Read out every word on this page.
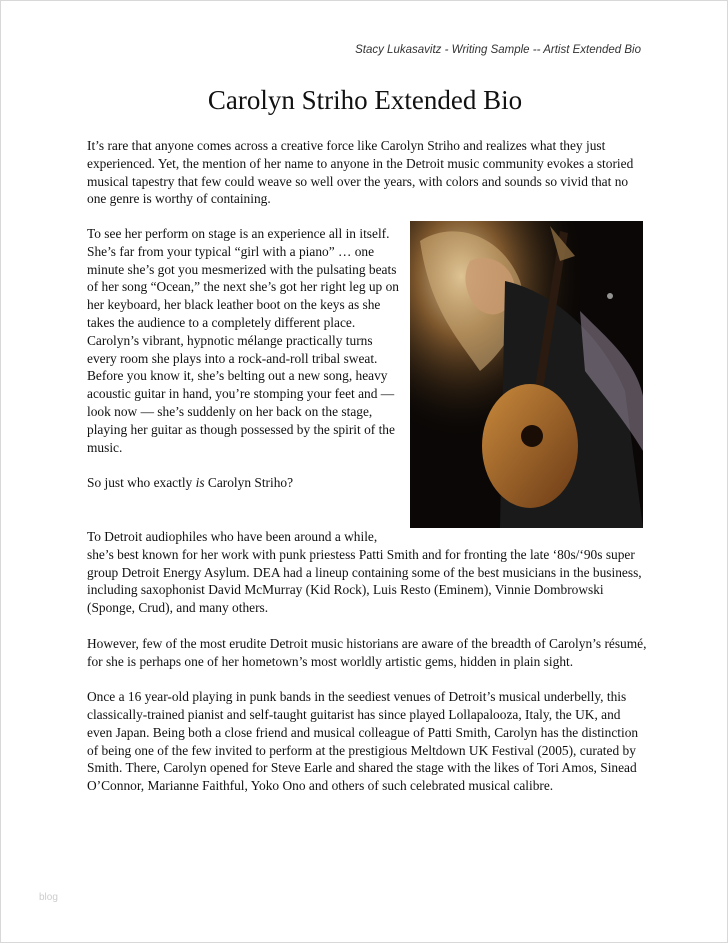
Stacy Lukasavitz - Writing Sample -- Artist Extended Bio
Carolyn Striho Extended Bio

It’s rare that anyone comes across a creative force like Carolyn Striho and realizes what they just experienced. Yet, the mention of her name to anyone in the Detroit music community evokes a storied musical tapestry that few could weave so well over the years, with colors and sounds so vivid that no one genre is worthy of containing.

To see her perform on stage is an experience all in itself. She’s far from your typical “girl with a piano” … one minute she’s got you mesmerized with the pulsating beats of her song “Ocean,” the next she’s got her right leg up on her keyboard, her black leather boot on the keys as she takes the audience to a completely different place. Carolyn’s vibrant, hypnotic mélange practically turns every room she plays into a rock-and-roll tribal sweat. Before you know it, she’s belting out a new song, heavy acoustic guitar in hand, you’re stomping your feet and — look now — she’s suddenly on her back on the stage, playing her guitar as though possessed by the spirit of the music.

So just who exactly is Carolyn Striho?

To Detroit audiophiles who have been around a while,
she’s best known for her work with punk priestess Patti Smith and for fronting the late ‘80s/‘90s super group Detroit Energy Asylum. DEA had a lineup containing some of the best musicians in the business, including saxophonist David McMurray (Kid Rock), Luis Resto (Eminem), Vinnie Dombrowski (Sponge, Crud), and many others.

However, few of the most erudite Detroit music historians are aware of the breadth of Carolyn’s résumé, for she is perhaps one of her hometown’s most worldly artistic gems, hidden in plain sight.

Once a 16 year-old playing in punk bands in the seediest venues of Detroit’s musical underbelly, this classically-trained pianist and self-taught guitarist has since played Lollapalooza, Italy, the UK, and even Japan. Being both a close friend and musical colleague of Patti Smith, Carolyn has the distinction of being one of the few invited to perform at the prestigious Meltdown UK Festival (2005), curated by Smith. There, Carolyn opened for Steve Earle and shared the stage with the likes of Tori Amos, Sinead O’Connor, Marianne Faithful, Yoko Ono and others of such celebrated musical calibre.

blog
